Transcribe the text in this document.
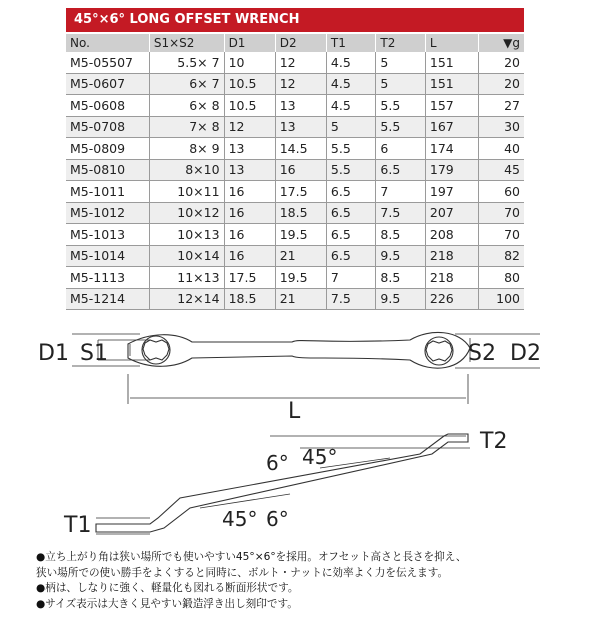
45°×6° LONG OFFSET WRENCH
No.	S1×S2	D1	D2	T1	T2	L	▼g
M5-05507	5.5× 7	10	12	4.5	5	151	20
M5-0607	6× 7	10.5	12	4.5	5	151	20
M5-0608	6× 8	10.5	13	4.5	5.5	157	27
M5-0708	7× 8	12	13	5	5.5	167	30
M5-0809	8× 9	13	14.5	5.5	6	174	40
M5-0810	8×10	13	16	5.5	6.5	179	45
M5-1011	10×11	16	17.5	6.5	7	197	60
M5-1012	10×12	16	18.5	6.5	7.5	207	70
M5-1013	10×13	16	19.5	6.5	8.5	208	70
M5-1014	10×14	16	21	6.5	9.5	218	82
M5-1113	11×13	17.5	19.5	7	8.5	218	80
M5-1214	12×14	18.5	21	7.5	9.5	226	100
D1 S1	S2 D2
L
T2
T1
6° 45°
45° 6°

●立ち上がり角は狭い場所でも使いやすい45°×6°を採用。オフセット高さと長さを抑え、

狭い場所での使い勝手をよくすると同時に、ボルト・ナットに効率よく力を伝えます。

●柄は、しなりに強く、軽量化も図れる断面形状です。

●サイズ表示は大きく見やすい鍛造浮き出し刻印です。
